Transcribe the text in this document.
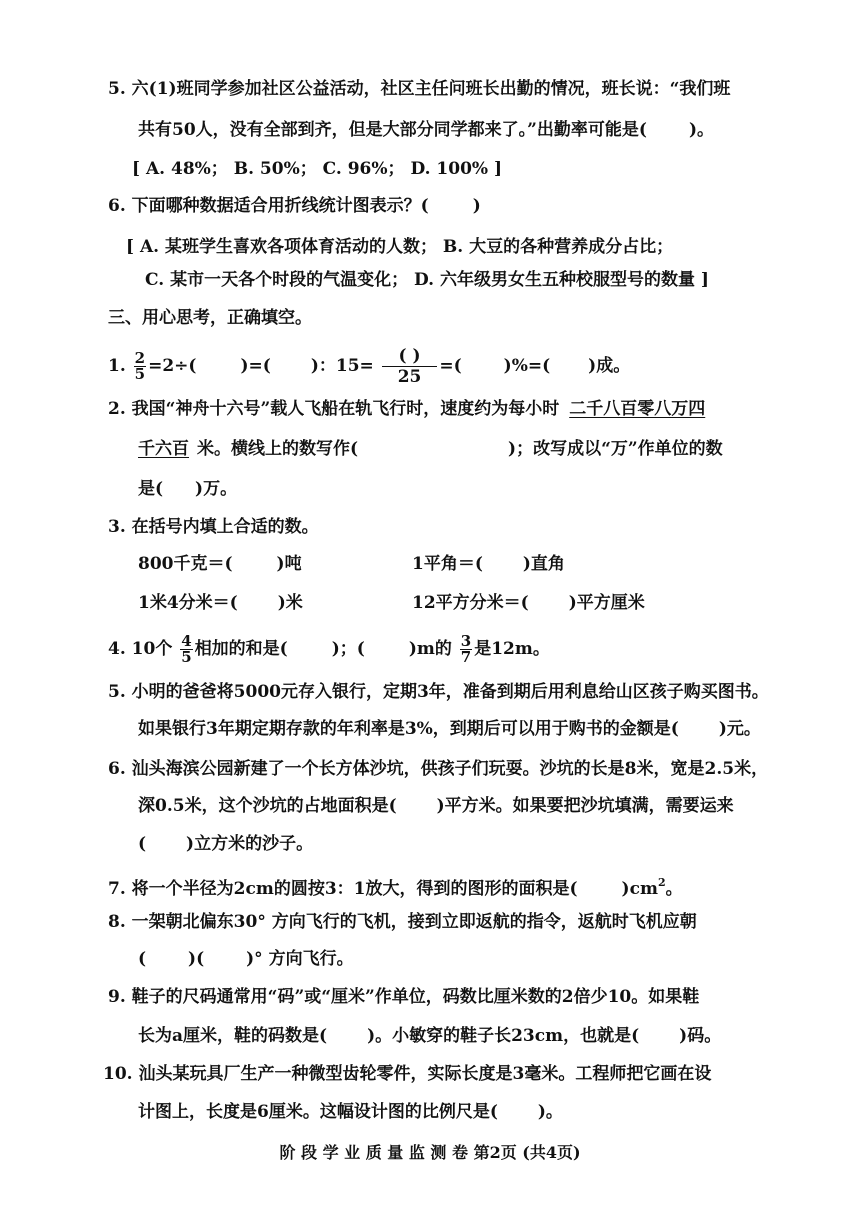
5. 六(1)班同学参加社区公益活动，社区主任问班长出勤的情况，班长说：“我们班
共有50人，没有全部到齐，但是大部分同学都来了。”出勤率可能是( )。
[ A. 48%； B. 50%； C. 96%； D. 100% ]
6. 下面哪种数据适合用折线统计图表示？(	)
[ A. 某班学生喜欢各项体育活动的人数； B. 大豆的各种营养成分占比；
C. 某市一天各个时段的气温变化； D. 六年级男女生五种校服型号的数量 ]
三、用心思考，正确填空。
1. $\frac{2}{5} =2\div$(	)=( )：$15= \frac{( )}{25}$ =( )%=( )成。
2. 我国“神舟十六号”载人飞船在轨飞行时，速度约为每小时 二千八百零八万四
千六百 米。横线上的数写作(	)；改写成以“万”作单位的数
是( )万。
3. 在括号内填上合适的数。
800千克＝(	)吨	1平角＝( )直角
1米4分米＝( )米	12平方分米＝( )平方厘米
4. 10个 $\frac{4}{5}$ 相加的和是(	)；(	)m的 $\frac{3}{7}$ 是12m。
5. 小明的爸爸将5000元存入银行，定期3年，准备到期后用利息给山区孩子购买图书。
如果银行3年期定期存款的年利率是3%，到期后可以用于购书的金额是( )元。
6. 汕头海滨公园新建了一个长方体沙坑，供孩子们玩耍。沙坑的长是8米，宽是2.5米，
深0.5米，这个沙坑的占地面积是( )平方米。如果要把沙坑填满，需要运来
( )立方米的沙子。
7. 将一个半径为2cm的圆按3：1放大，得到的图形的面积是(	)$cm^2$。
8. 一架朝北偏东30° 方向飞行的飞机，接到立即返航的指令，返航时飞机应朝
( )( )° 方向飞行。
9. 鞋子的尺码通常用“码”或“厘米”作单位，码数比厘米数的2倍少10。如果鞋
长为a厘米，鞋的码数是( )。小敏穿的鞋子长23cm，也就是( )码。
10. 汕头某玩具厂生产一种微型齿轮零件，实际长度是3毫米。工程师把它画在设
计图上，长度是6厘米。这幅设计图的比例尺是( )。
阶 段 学 业 质 量 监 测 卷 第2页 (共4页)
